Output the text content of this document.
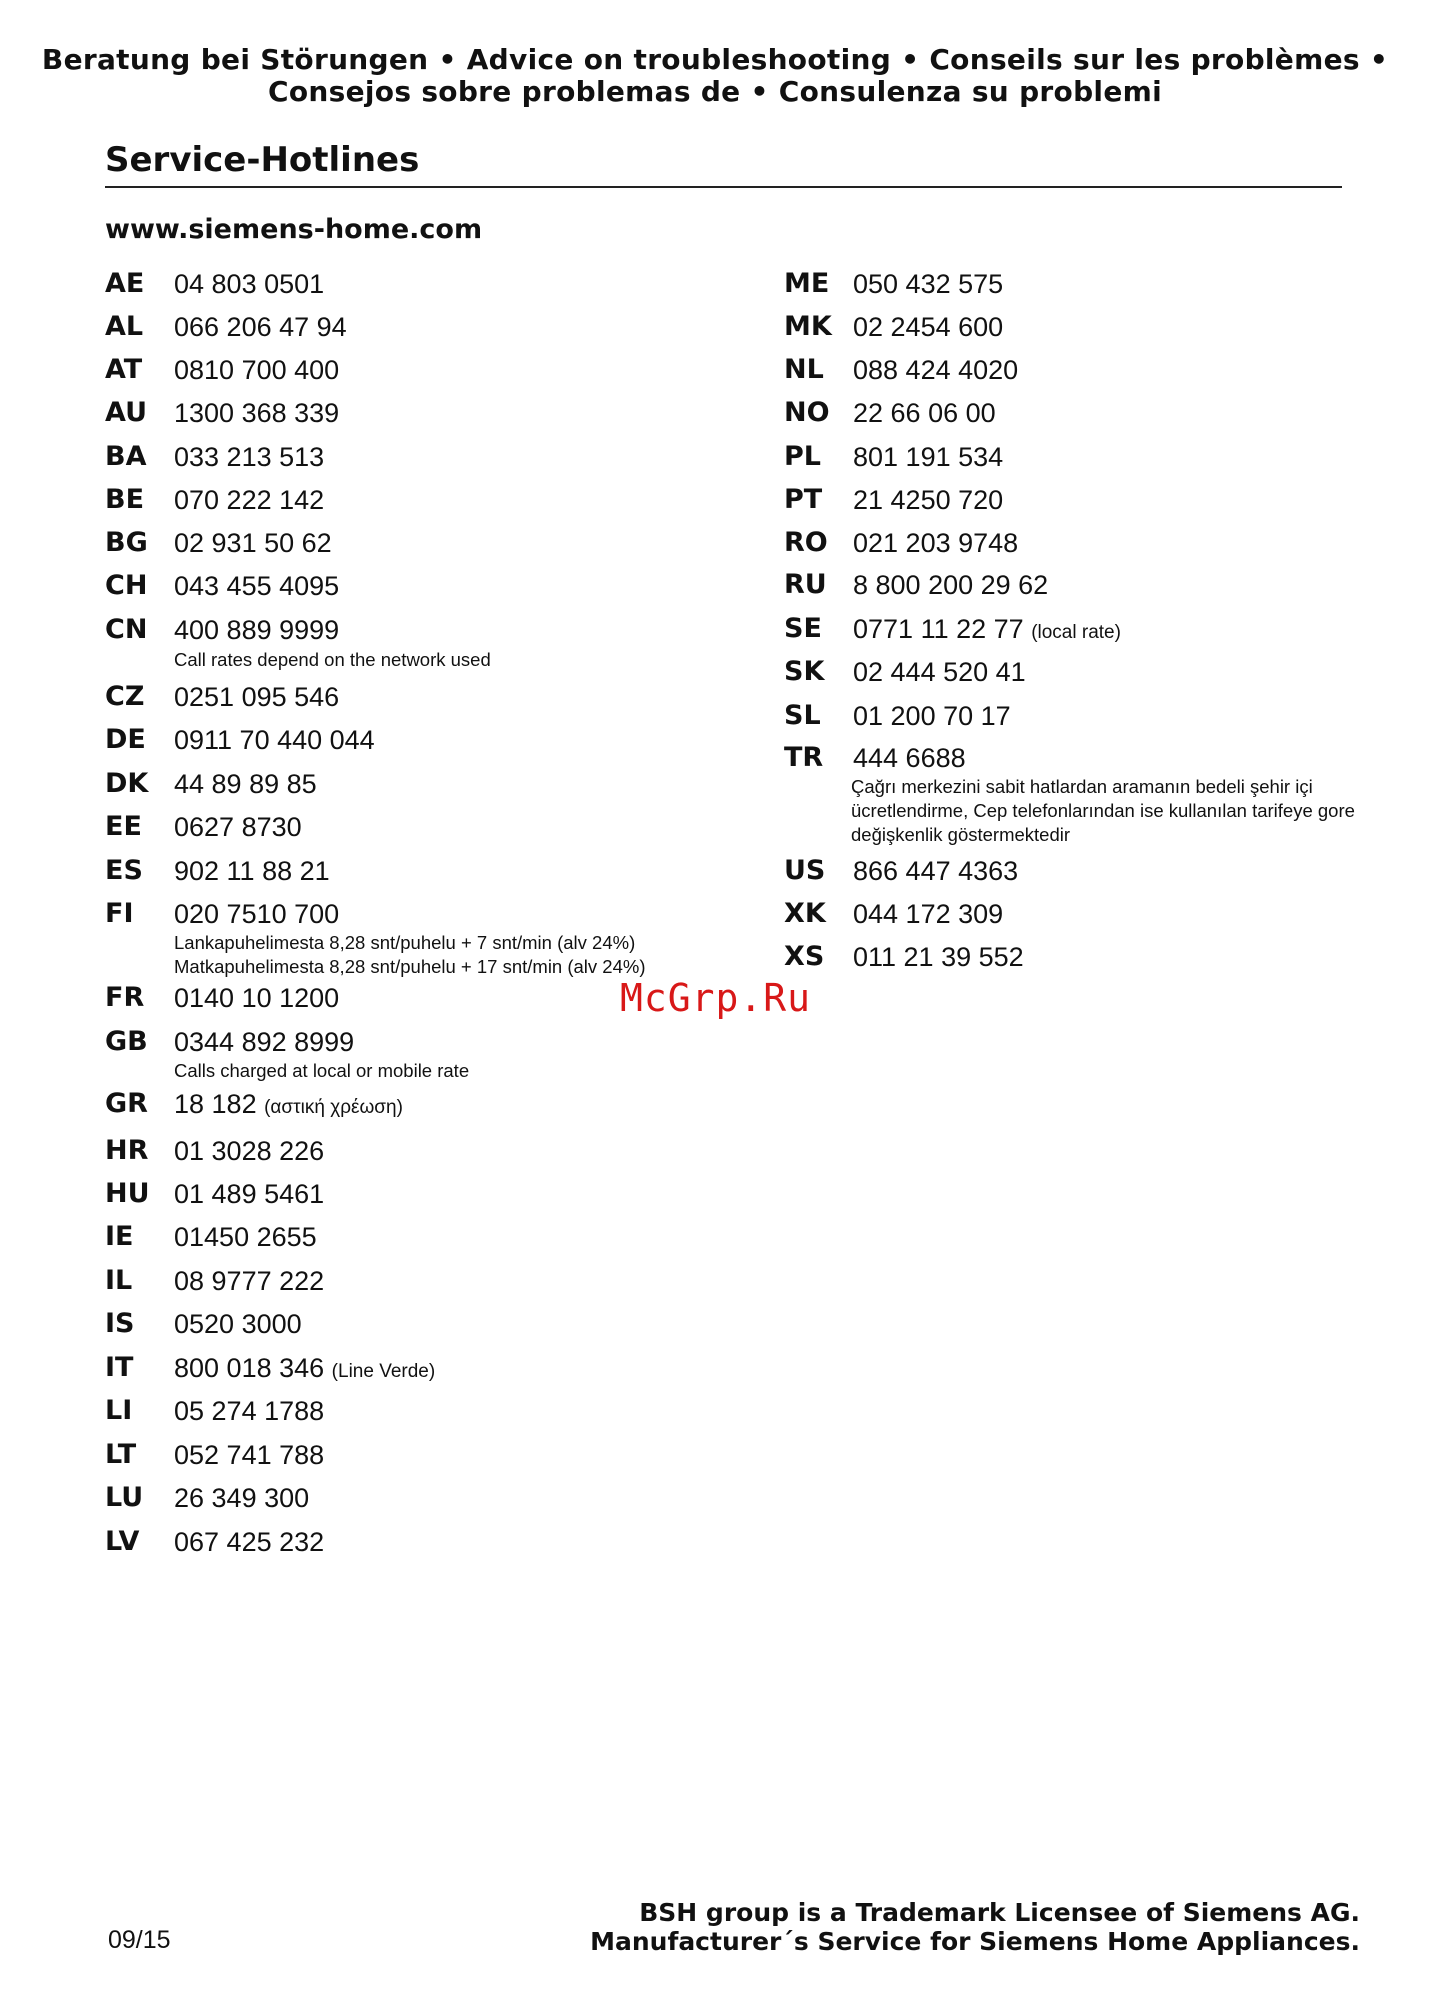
Beratung bei Störungen • Advice on troubleshooting • Conseils sur les problèmes •
Consejos sobre problemas de • Consulenza su problemi
Service-Hotlines
www.siemens-home.com
AE 04 803 0501
AL 066 206 47 94
AT 0810 700 400
AU 1300 368 339
BA 033 213 513
BE 070 222 142
BG 02 931 50 62
CH 043 455 4095
CN 400 889 9999
Call rates depend on the network used
CZ 0251 095 546
DE 0911 70 440 044
DK 44 89 89 85
EE 0627 8730
ES 902 11 88 21
FI 020 7510 700
Lankapuhelimesta 8,28 snt/puhelu + 7 snt/min (alv 24%)
Matkapuhelimesta 8,28 snt/puhelu + 17 snt/min (alv 24%)
FR 0140 10 1200
GB 0344 892 8999
Calls charged at local or mobile rate
GR 18 182 (αστική χρέωση)
HR 01 3028 226
HU 01 489 5461
IE 01450 2655
IL 08 9777 222
IS 0520 3000
IT 800 018 346 (Line Verde)
LI 05 274 1788
LT 052 741 788
LU 26 349 300
LV 067 425 232
ME 050 432 575
MK 02 2454 600
NL 088 424 4020
NO 22 66 06 00
PL 801 191 534
PT 21 4250 720
RO 021 203 9748
RU 8 800 200 29 62
SE 0771 11 22 77 (local rate)
SK 02 444 520 41
SL 01 200 70 17
TR 444 6688
Çağrı merkezini sabit hatlardan aramanın bedeli şehir içi
ücretlendirme, Cep telefonlarından ise kullanılan tarifeye gore
değişkenlik göstermektedir
US 866 447 4363
XK 044 172 309
XS 011 21 39 552
McGrp.Ru
09/15
BSH group is a Trademark Licensee of Siemens AG.
Manufacturer´s Service for Siemens Home Appliances.
